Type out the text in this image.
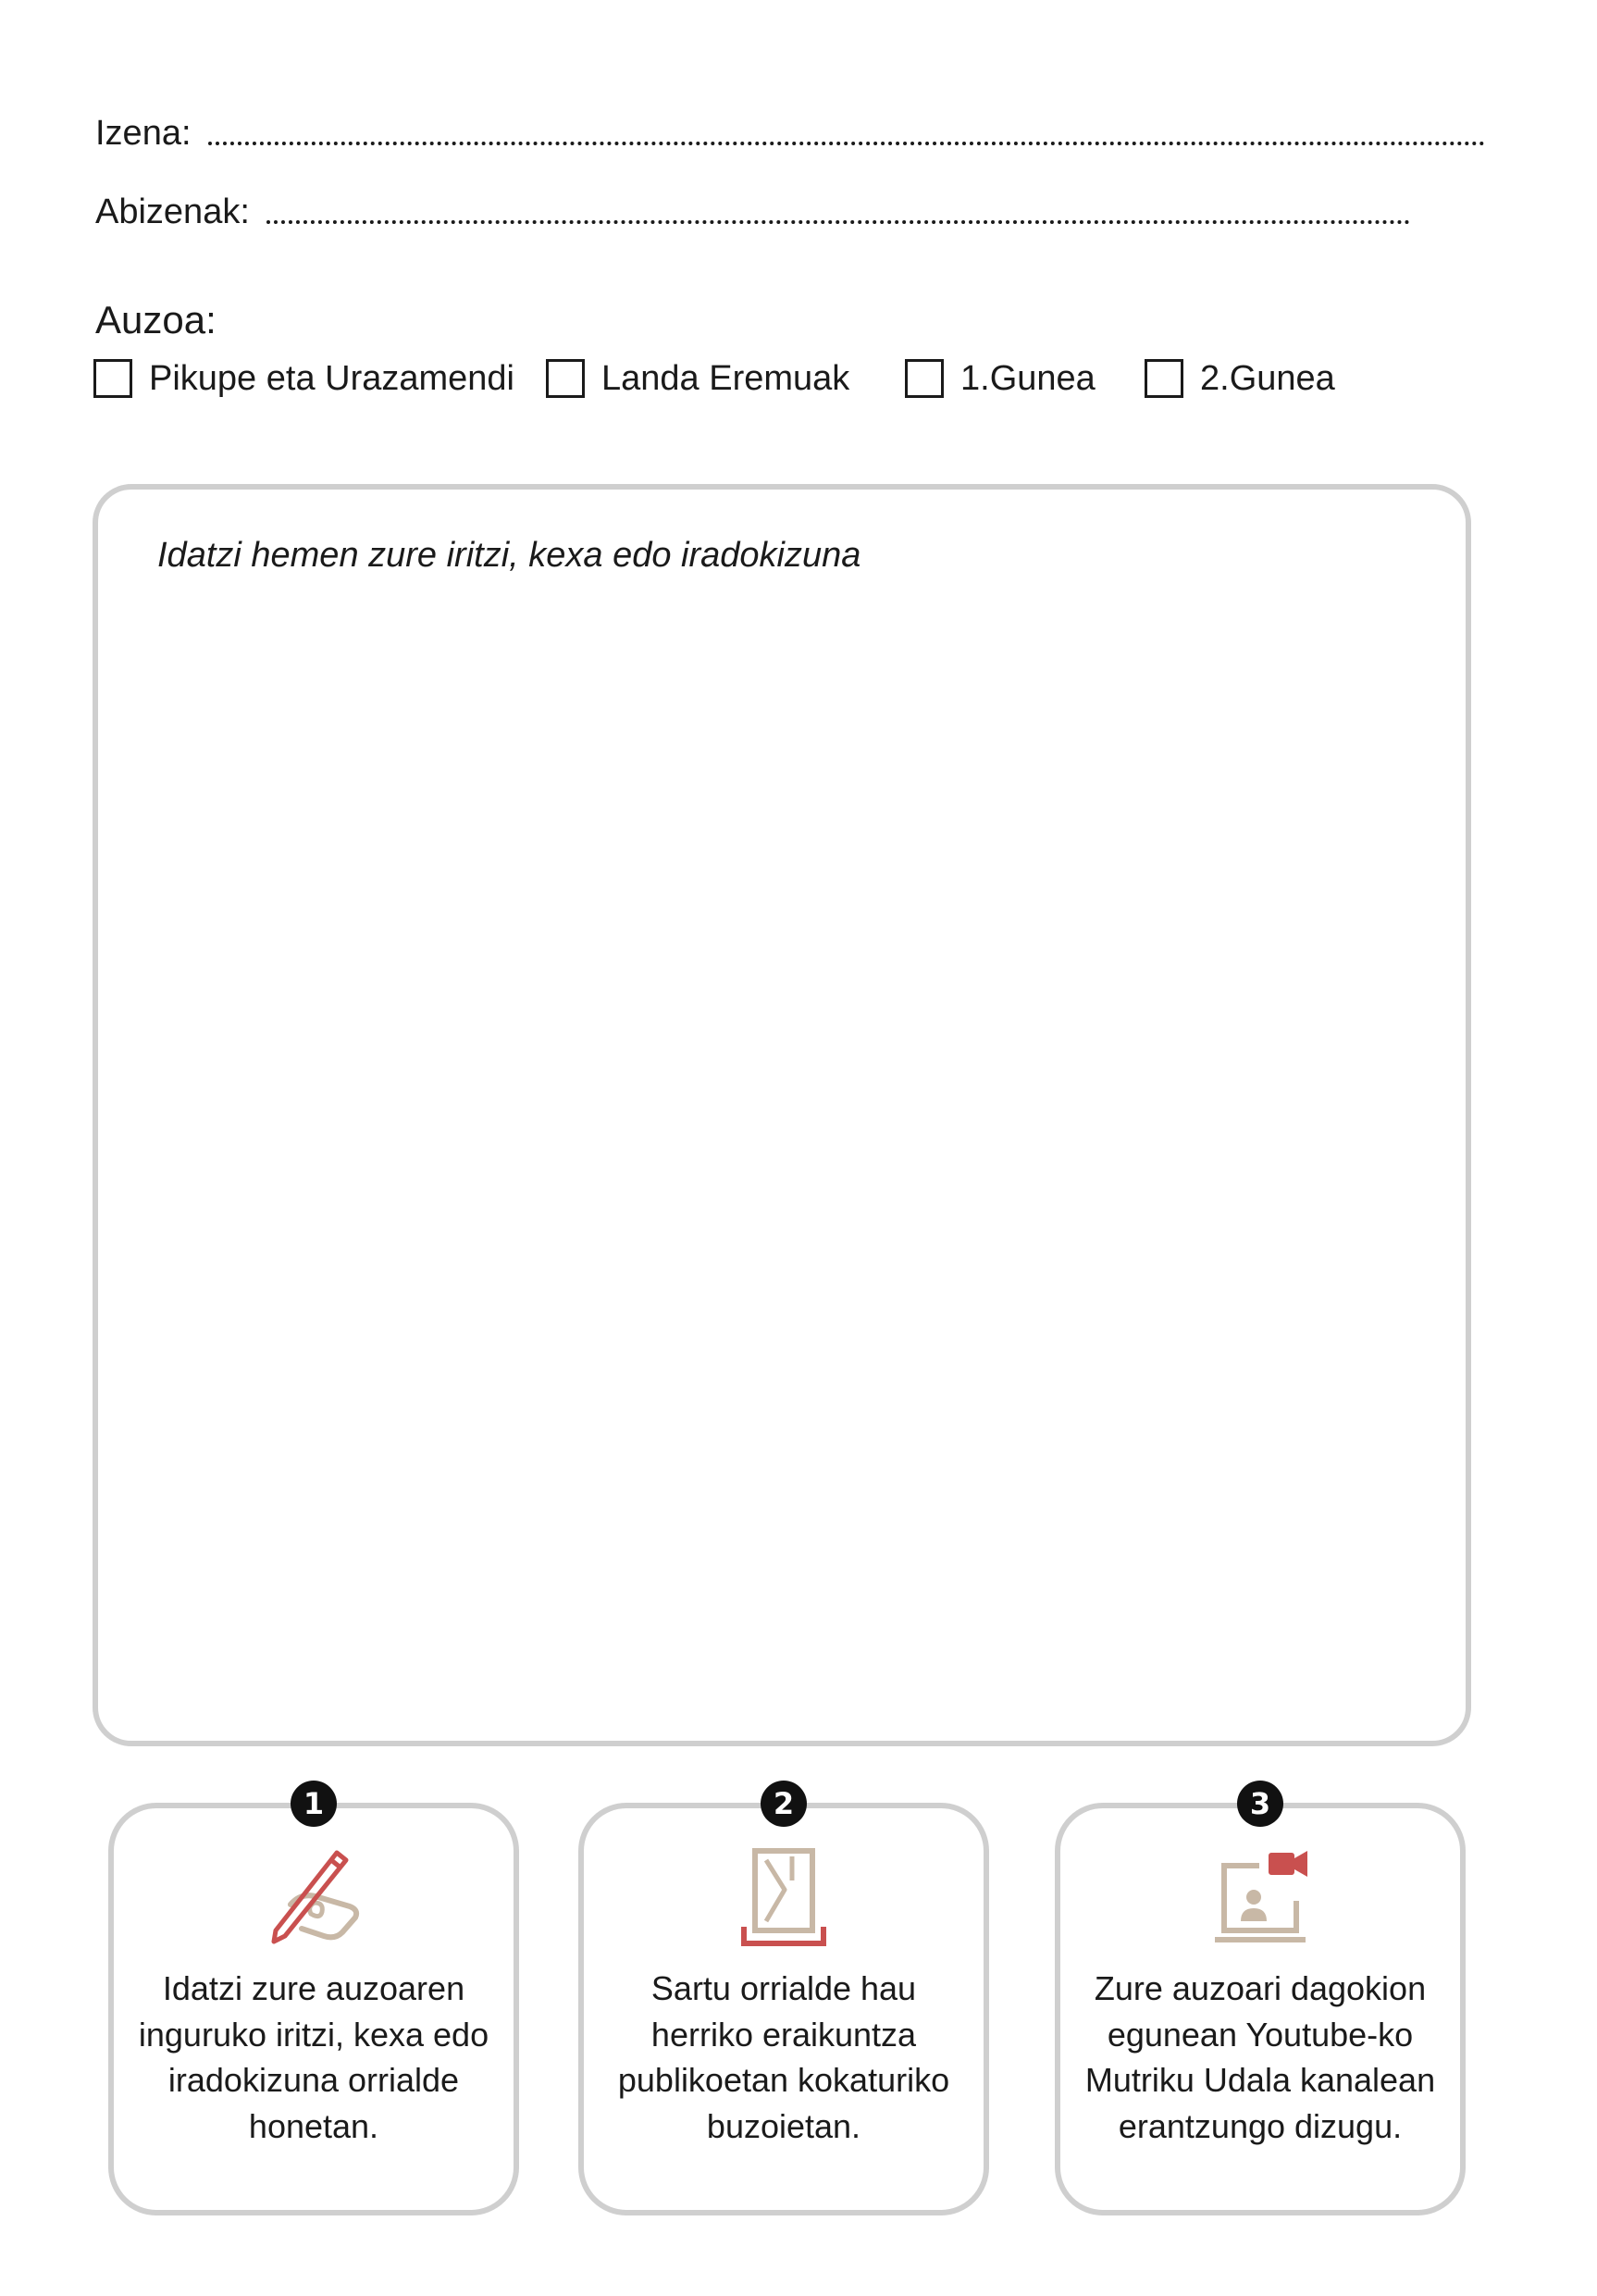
Izena:
Abizenak:
Auzoa:
Pikupe eta Urazamendi Landa Eremuak	1.Gunea	2.Gunea
Idatzi hemen zure iritzi, kexa edo iradokizuna
1
Idatzi zure auzoaren inguruko iritzi, kexa edo iradokizuna orrialde honetan.
2
Sartu orrialde hau herriko eraikuntza publikoetan kokaturiko buzoietan.
3
Zure auzoari dagokion egunean Youtube-ko Mutriku Udala kanalean erantzungo dizugu.
